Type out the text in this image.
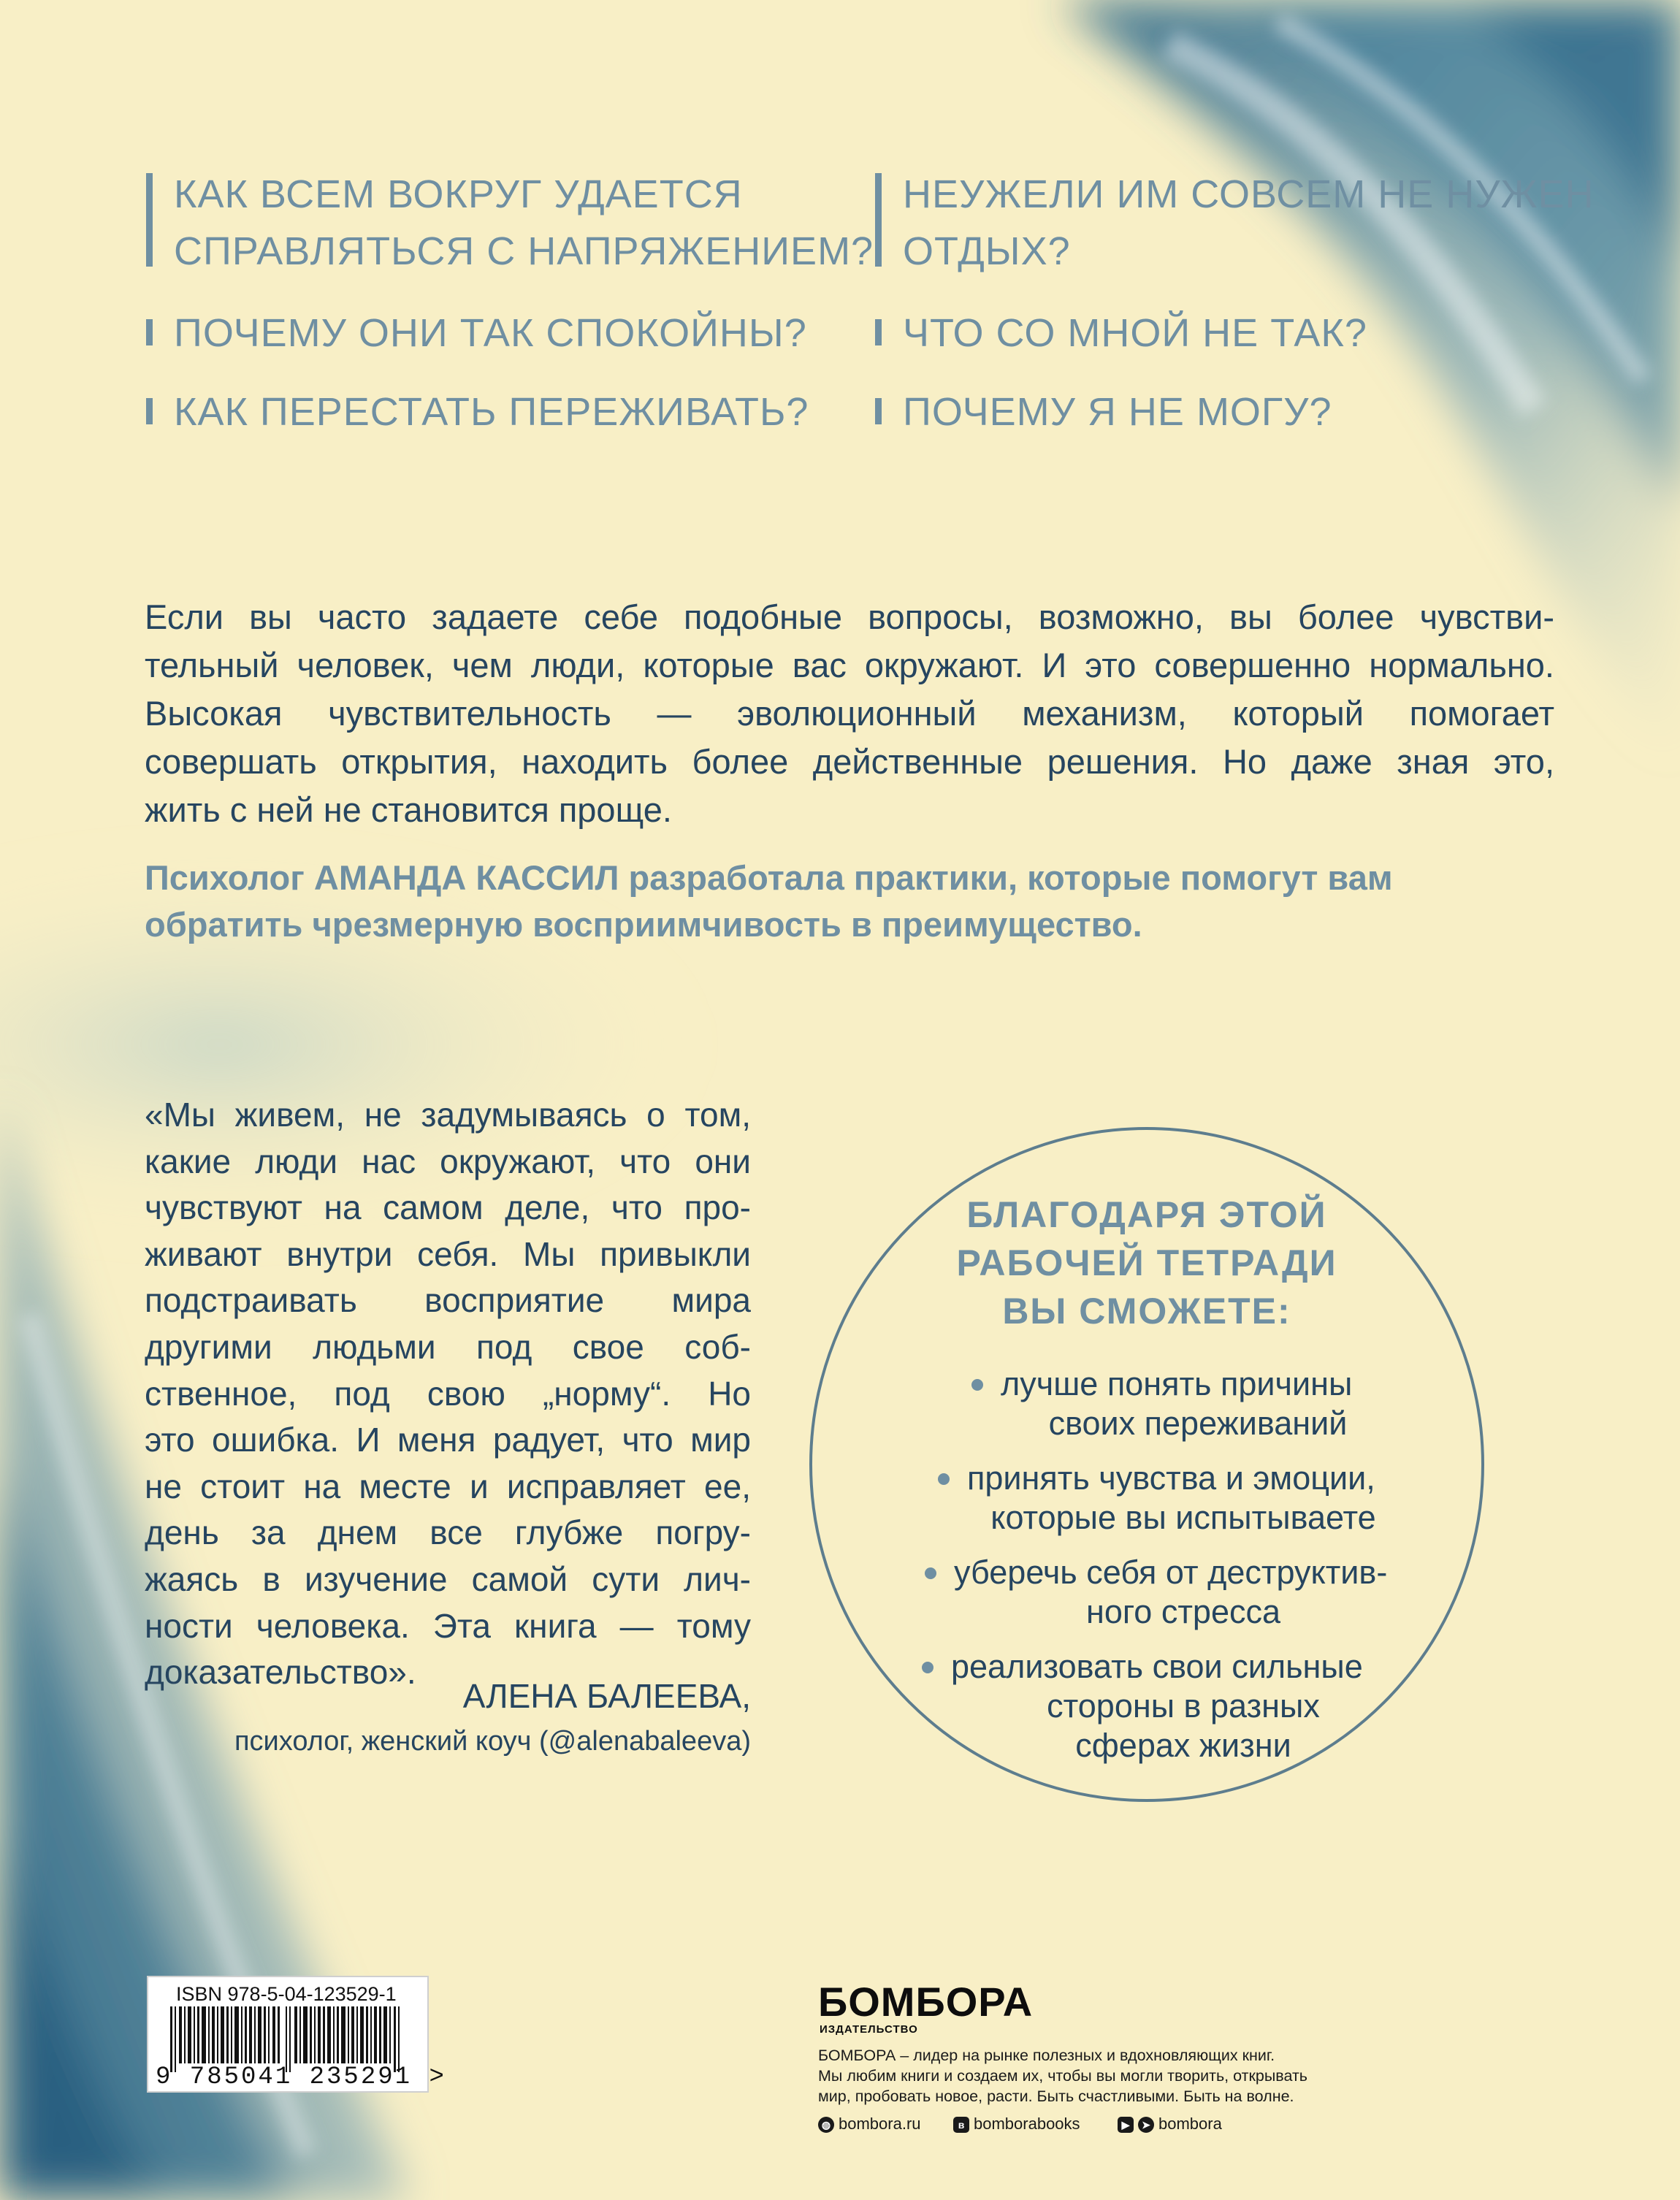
КАК ВСЕМ ВОКРУГ УДАЕТСЯ
СПРАВЛЯТЬСЯ С НАПРЯЖЕНИЕМ?
ПОЧЕМУ ОНИ ТАК СПОКОЙНЫ?
КАК ПЕРЕСТАТЬ ПЕРЕЖИВАТЬ?
НЕУЖЕЛИ ИМ СОВСЕМ НЕ НУЖЕН
ОТДЫХ?
ЧТО СО МНОЙ НЕ ТАК?
ПОЧЕМУ Я НЕ МОГУ?
Если вы часто задаете себе подобные вопросы, возможно, вы более чувстви-
тельный человек, чем люди, которые вас окружают. И это совершенно нормально.
Высокая чувствительность — эволюционный механизм, который помогает
совершать открытия, находить более действенные решения. Но даже зная это,
жить с ней не становится проще.
Психолог АМАНДА КАССИЛ разработала практики, которые помогут вам
обратить чрезмерную восприимчивость в преимущество.
«Мы живем, не задумываясь о том,
какие люди нас окружают, что они
чувствуют на самом деле, что про-
живают внутри себя. Мы привыкли
подстраивать восприятие мира
другими людьми под свое соб-
ственное, под свою „норму“. Но
это ошибка. И меня радует, что мир
не стоит на месте и исправляет ее,
день за днем все глубже погру-
жаясь в изучение самой сути лич-
ности человека. Эта книга — тому
доказательство».
АЛЕНА БАЛЕЕВА,
психолог, женский коуч (@alenabaleeva)
БЛАГОДАРЯ ЭТОЙ
РАБОЧЕЙ ТЕТРАДИ
ВЫ СМОЖЕТЕ:
лучше понять причины
своих переживаний
принять чувства и эмоции,
которые вы испытываете
уберечь себя от деструктив-
ного стресса
реализовать свои сильные
стороны в разных
сферах жизни
ISBN 978-5-04-123529-1
9 785041 235291 >
БОМБОРА
ИЗДАТЕЛЬСТВО
БОМБОРА – лидер на рынке полезных и вдохновляющих книг.
Мы любим книги и создаем их, чтобы вы могли творить, открывать
мир, пробовать новое, расти. Быть счастливыми. Быть на волне.
◍ bombora.ru	в bomborabooks	▶ ➤ bombora
